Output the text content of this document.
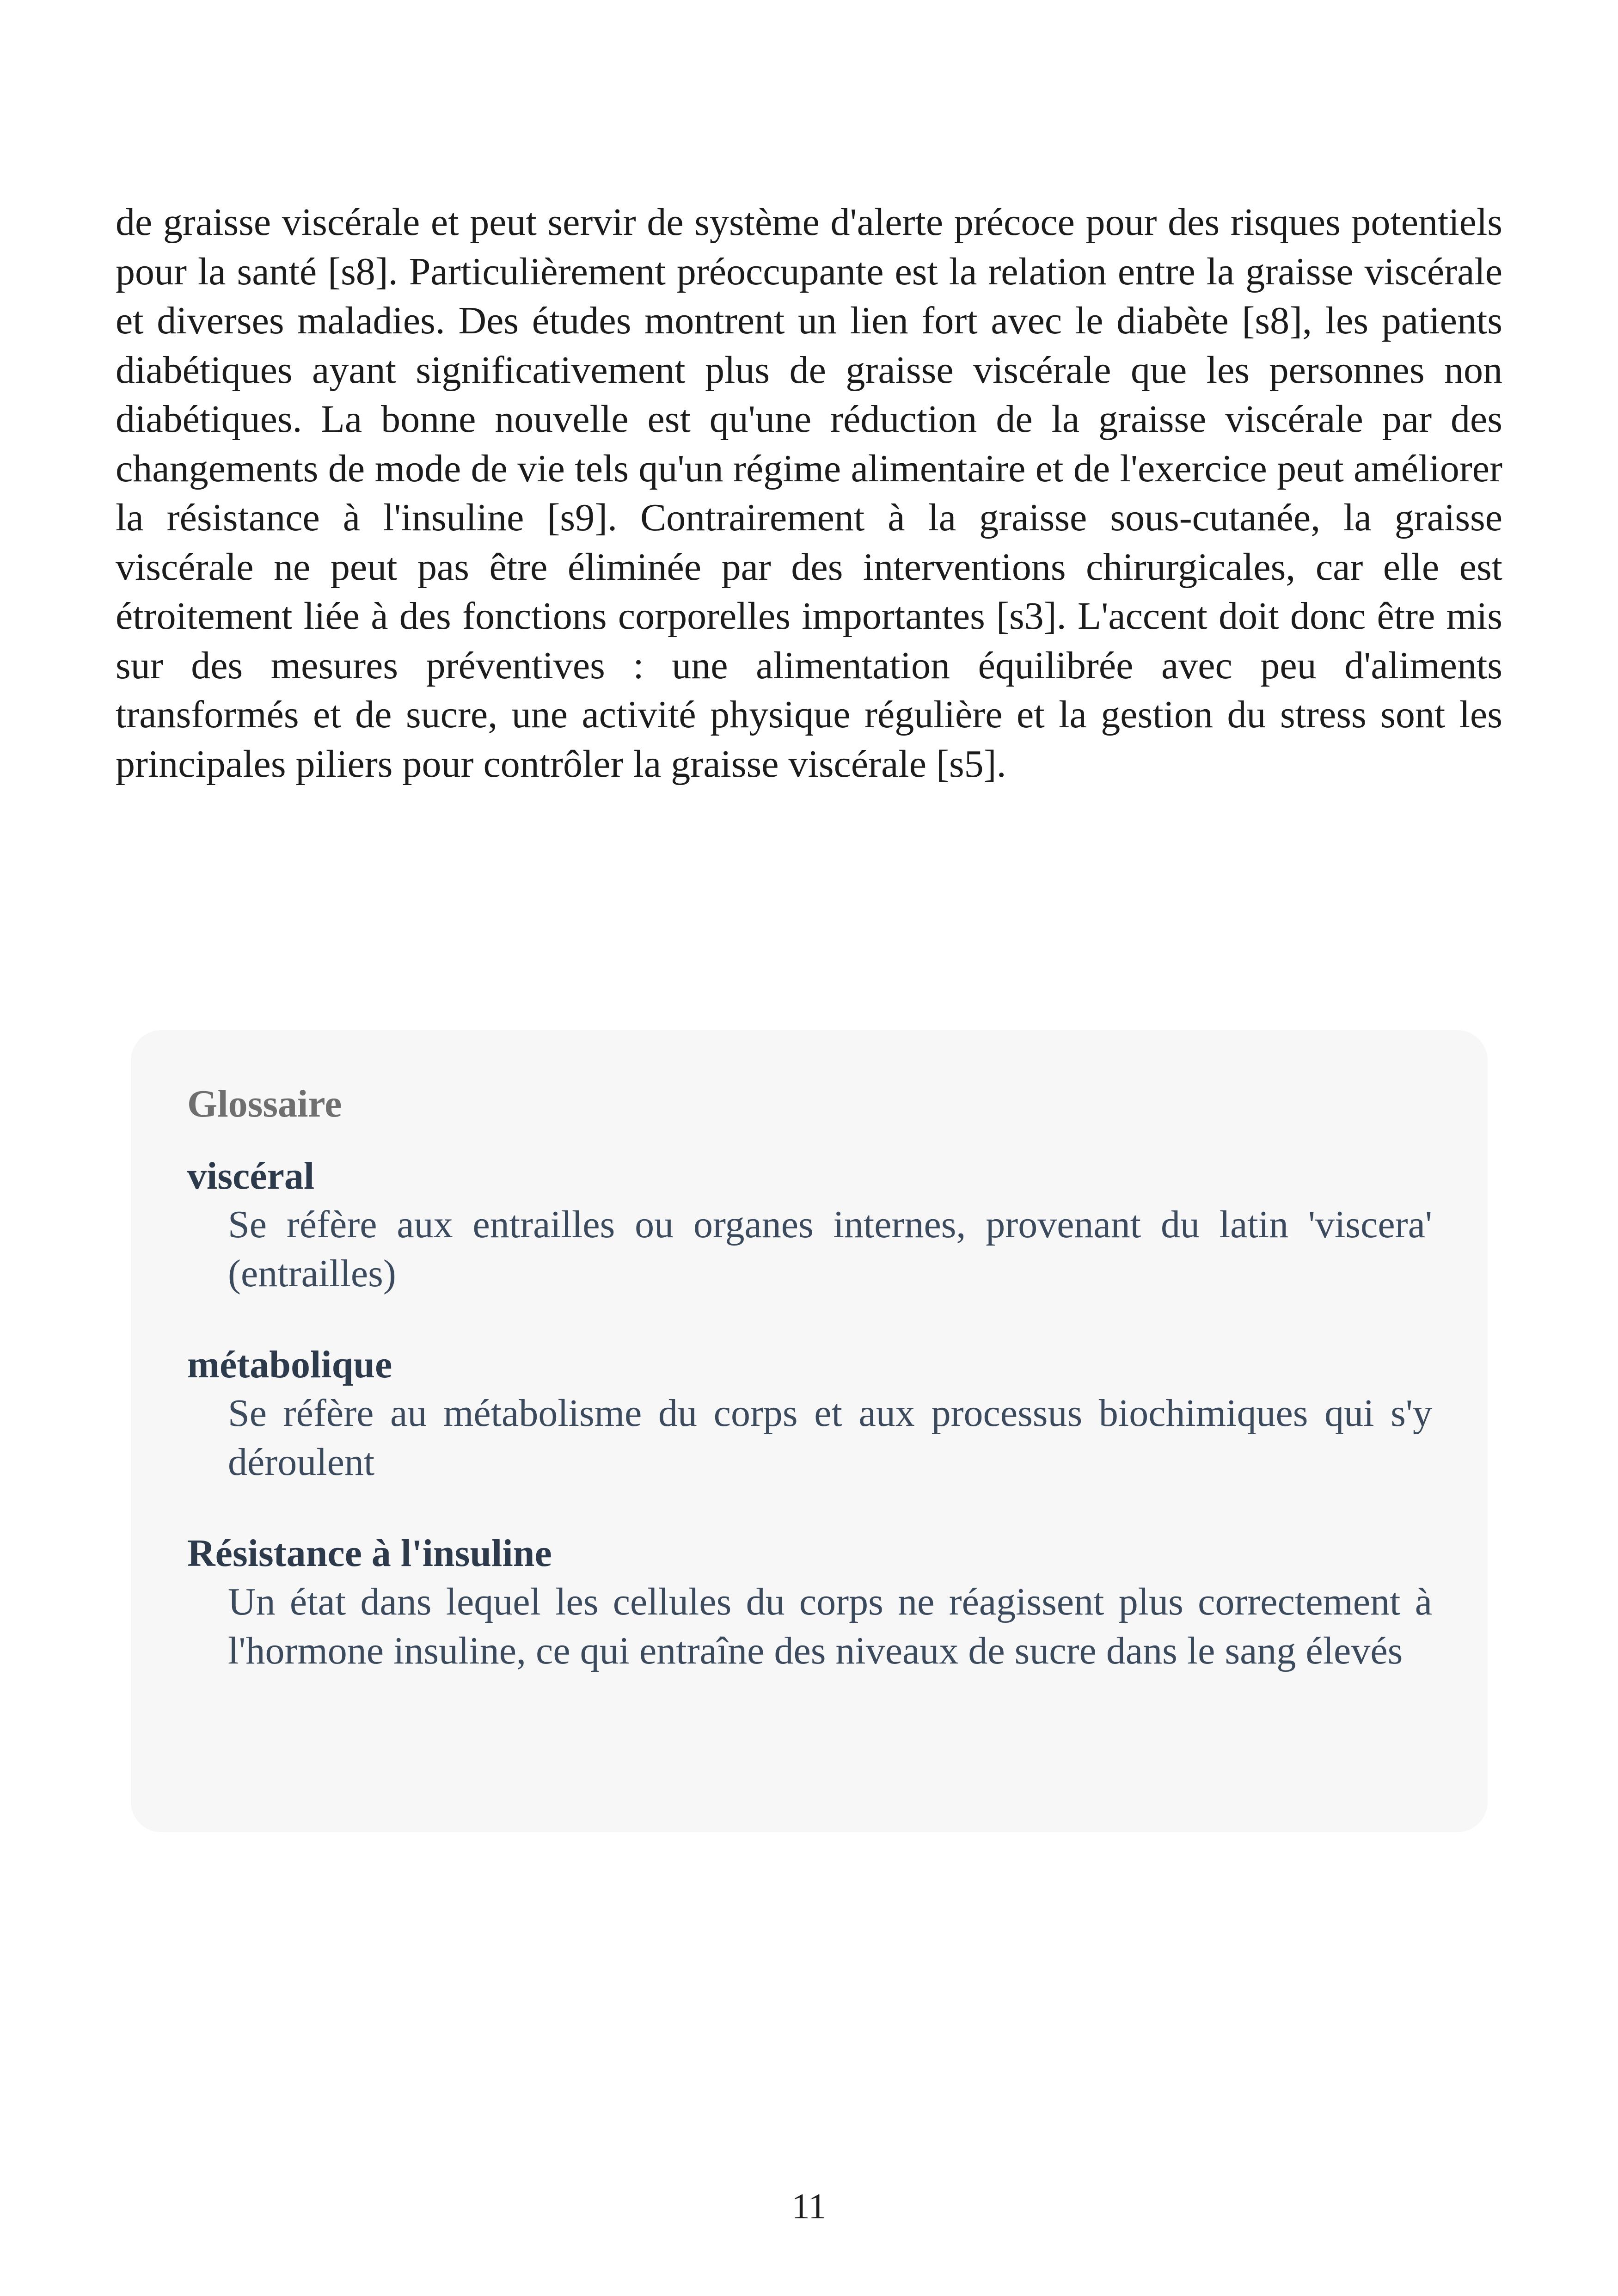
de graisse viscérale et peut servir de système d'alerte précoce pour des risques potentiels pour la santé [s8]. Particulièrement préoccupante est la relation entre la graisse viscérale et diverses maladies. Des études montrent un lien fort avec le diabète [s8], les patients diabétiques ayant significativement plus de graisse viscérale que les personnes non diabétiques. La bonne nouvelle est qu'une réduction de la graisse viscérale par des changements de mode de vie tels qu'un régime alimentaire et de l'exercice peut améliorer la résistance à l'insuline [s9]. Contrairement à la graisse sous-cutanée, la graisse viscérale ne peut pas être éliminée par des interventions chirurgicales, car elle est étroitement liée à des fonctions corporelles importantes [s3]. L'accent doit donc être mis sur des mesures préventives : une alimentation équilibrée avec peu d'aliments transformés et de sucre, une activité physique régulière et la gestion du stress sont les principales piliers pour contrôler la graisse viscérale [s5].

Glossaire

viscéral
Se réfère aux entrailles ou organes internes, provenant du latin 'viscera' (entrailles)
métabolique
Se réfère au métabolisme du corps et aux processus biochimiques qui s'y déroulent
Résistance à l'insuline
Un état dans lequel les cellules du corps ne réagissent plus correctement à l'hormone insuline, ce qui entraîne des niveaux de sucre dans le sang élevés
11
